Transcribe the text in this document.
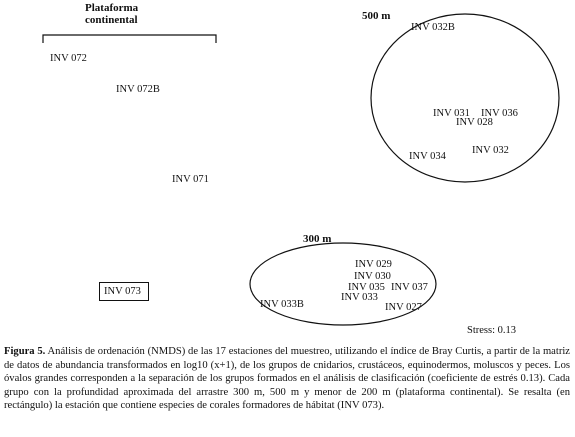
Plataforma
continental	500 m
300 m
INV 072
INV 072B
INV 071
INV 073
INV 032B
INV 031 INV 036
INV 028
INV 034
INV 032
INV 029
INV 030
INV 035 INV 037
INV 033
INV 033B	INV 027
Stress: 0.13
Figura 5. Análisis de ordenación (NMDS) de las 17 estaciones del muestreo, utilizando el índice de Bray Curtis, a partir de la matriz de datos de abundancia transformados en log10 (x+1), de los grupos de cnidarios, crustáceos, equinodermos, moluscos y peces. Los óvalos grandes corresponden a la separación de los grupos formados en el análisis de clasificación (coeficiente de estrés 0.13). Cada grupo con la profundidad aproximada del arrastre 300 m, 500 m y menor de 200 m (plataforma continental). Se resalta (en rectángulo) la estación que contiene especies de corales formadores de hábitat (INV 073).
